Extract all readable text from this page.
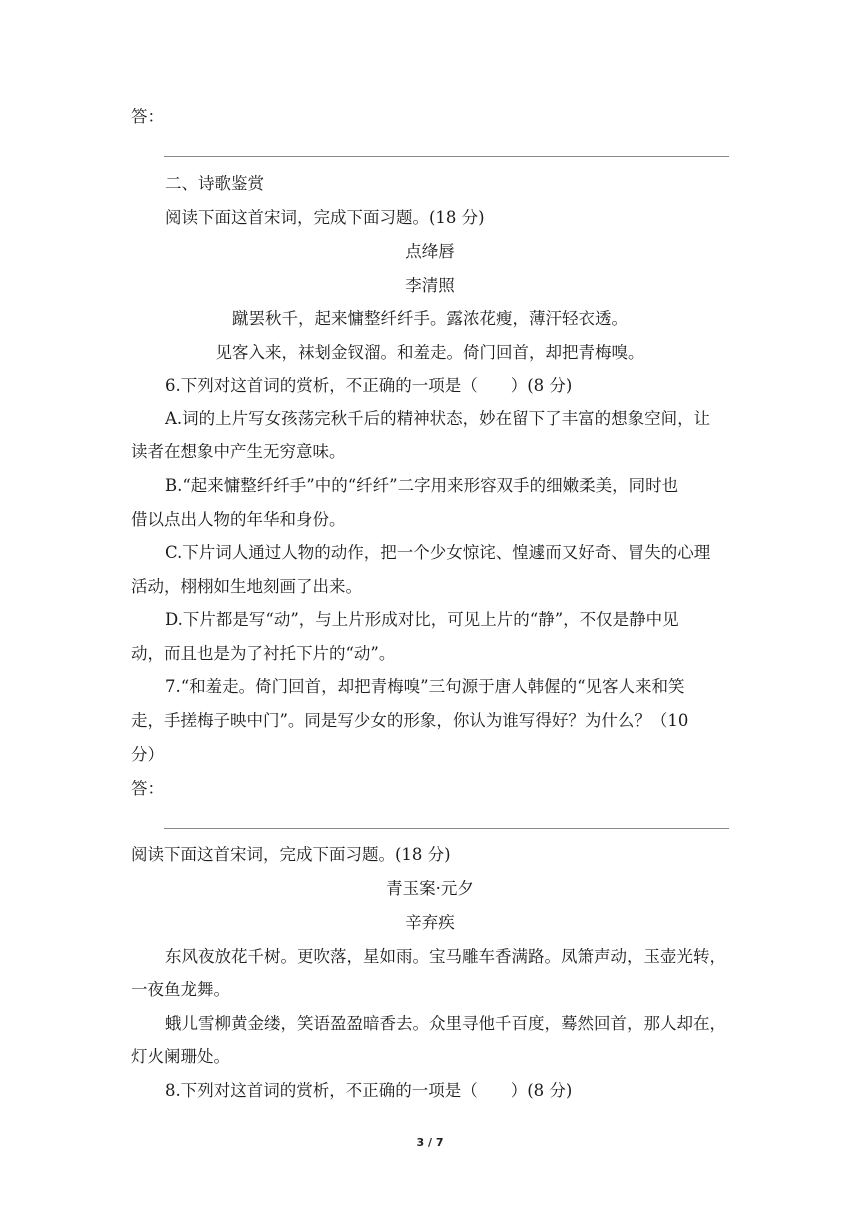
答：
二、诗歌鉴赏
阅读下面这首宋词，完成下面习题。(18 分)
点绛唇
李清照
蹴罢秋千，起来慵整纤纤手。露浓花瘦，薄汗轻衣透。
见客入来，袜刬金钗溜。和羞走。倚门回首，却把青梅嗅。
6.下列对这首词的赏析，不正确的一项是（　　）(8 分)
A.词的上片写女孩荡完秋千后的精神状态，妙在留下了丰富的想象空间，让
读者在想象中产生无穷意味。
B.“起来慵整纤纤手”中的“纤纤”二字用来形容双手的细嫩柔美，同时也
借以点出人物的年华和身份。
C.下片词人通过人物的动作，把一个少女惊诧、惶遽而又好奇、冒失的心理
活动，栩栩如生地刻画了出来。
D.下片都是写“动”，与上片形成对比，可见上片的“静”，不仅是静中见
动，而且也是为了衬托下片的“动”。
7.“和羞走。倚门回首，却把青梅嗅”三句源于唐人韩偓的“见客人来和笑
走，手搓梅子映中门”。同是写少女的形象，你认为谁写得好？为什么？（10
分）
答：
阅读下面这首宋词，完成下面习题。(18 分)
青玉案·元夕
辛弃疾
东风夜放花千树。更吹落，星如雨。宝马雕车香满路。凤箫声动，玉壶光转，
一夜鱼龙舞。
蛾儿雪柳黄金缕，笑语盈盈暗香去。众里寻他千百度，蓦然回首，那人却在，
灯火阑珊处。
8.下列对这首词的赏析，不正确的一项是（　　）(8 分)
3 / 7
